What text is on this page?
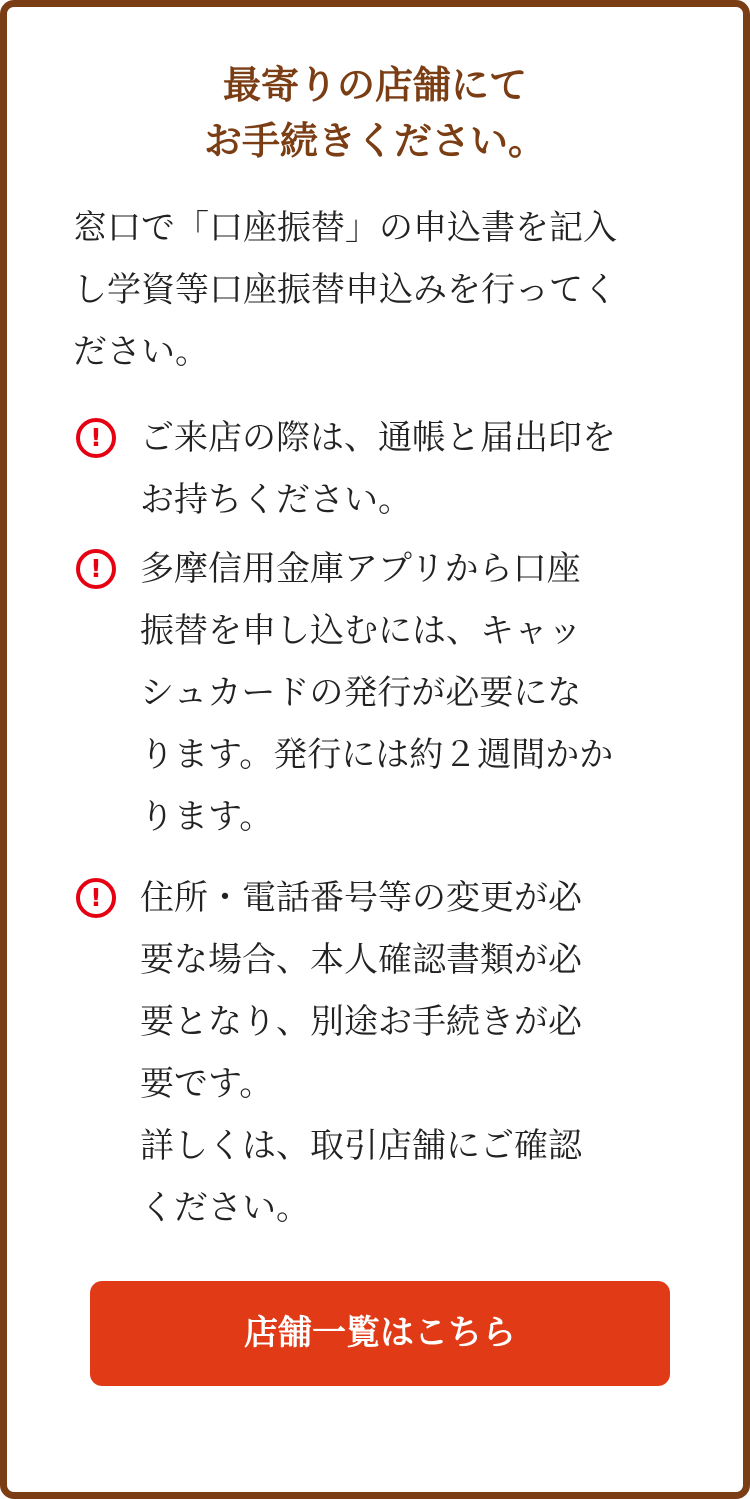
最寄りの店舗にて
お手続きください。
窓口で「口座振替」の申込書を記入
し学資等口座振替申込みを行ってく
ださい。
!	ご来店の際は、通帳と届出印を
お持ちください。
!	多摩信用金庫アプリから口座
振替を申し込むには、キャッ
シュカードの発行が必要にな
ります。発行には約２週間かか
ります。
!	住所・電話番号等の変更が必
要な場合、本人確認書類が必
要となり、別途お手続きが必
要です。
詳しくは、取引店舗にご確認
ください。
店舗一覧はこちら
